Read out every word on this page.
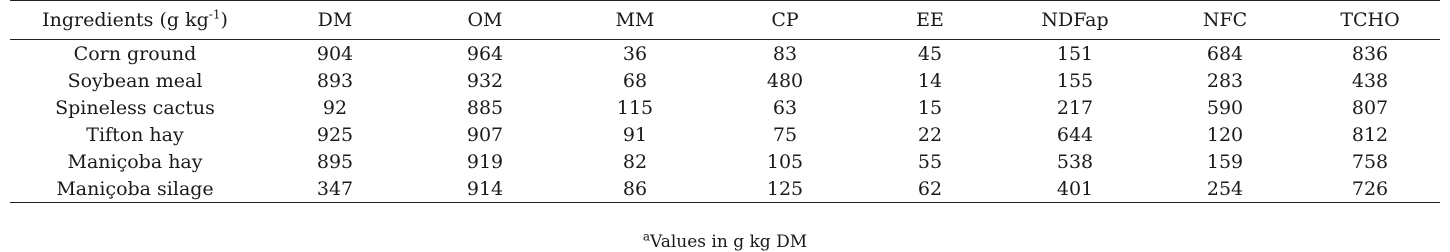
Ingredients (g $kg^{-1}$)	DM	OM	MM	CP	EE	NDFap	NFC	TCHO
Corn ground	904	964	36	83	45	151	684	836
Soybean meal	893	932	68	480	14	155	283	438
Spineless cactus	92	885	115	63	15	217	590	807
Tifton hay	925	907	91	75	22	644	120	812
Maniçoba hay	895	919	82	105	55	538	159	758
Maniçoba silage	347	914	86	125	62	401	254	726
$^a$Values in g kg DM
